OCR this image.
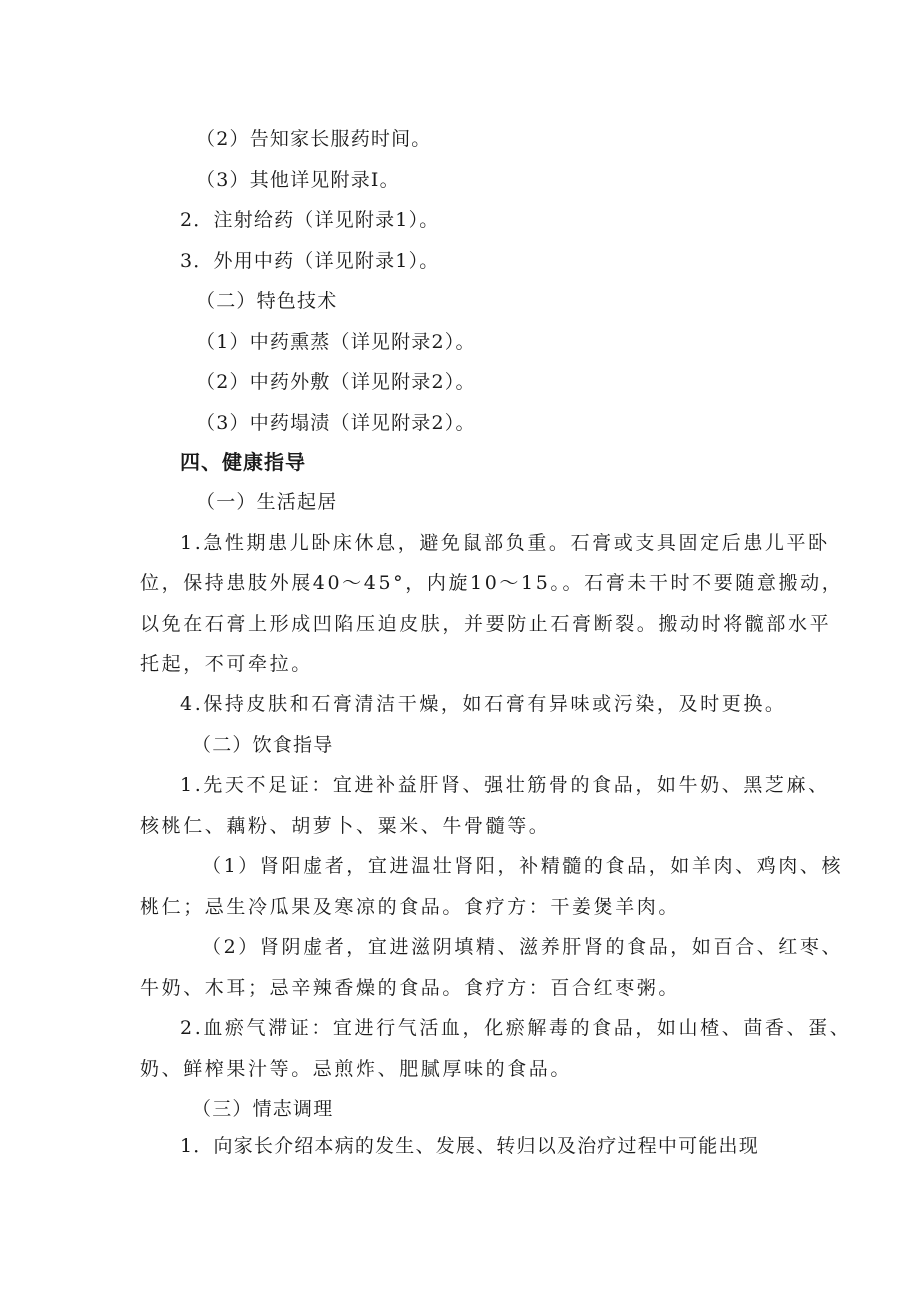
（2）告知家长服药时间。

（3）其他详见附录I。

2．注射给药（详见附录1）。

3．外用中药（详见附录1）。

（二）特色技术

（1）中药熏蒸（详见附录2）。

（2）中药外敷（详见附录2）。

（3）中药塌渍（详见附录2）。

四、健康指导

（一）生活起居

1.急性期患儿卧床休息，避免鼠部负重。石膏或支具固定后患儿平卧

位，保持患肢外展40～45°，内旋10～15。。石膏未干时不要随意搬动，

以免在石膏上形成凹陷压迫皮肤，并要防止石膏断裂。搬动时将髋部水平

托起，不可牵拉。

4.保持皮肤和石膏清洁干燥，如石膏有异味或污染，及时更换。

（二）饮食指导

1.先天不足证：宜进补益肝肾、强壮筋骨的食品，如牛奶、黑芝麻、

核桃仁、藕粉、胡萝卜、粟米、牛骨髓等。

（1）肾阳虚者，宜进温壮肾阳，补精髓的食品，如羊肉、鸡肉、核

桃仁；忌生冷瓜果及寒凉的食品。食疗方：干姜煲羊肉。

（2）肾阴虚者，宜进滋阴填精、滋养肝肾的食品，如百合、红枣、

牛奶、木耳；忌辛辣香燥的食品。食疗方：百合红枣粥。

2.血瘀气滞证：宜进行气活血，化瘀解毒的食品，如山楂、茴香、蛋、

奶、鲜榨果汁等。忌煎炸、肥腻厚味的食品。

（三）情志调理

1．向家长介绍本病的发生、发展、转归以及治疗过程中可能出现
